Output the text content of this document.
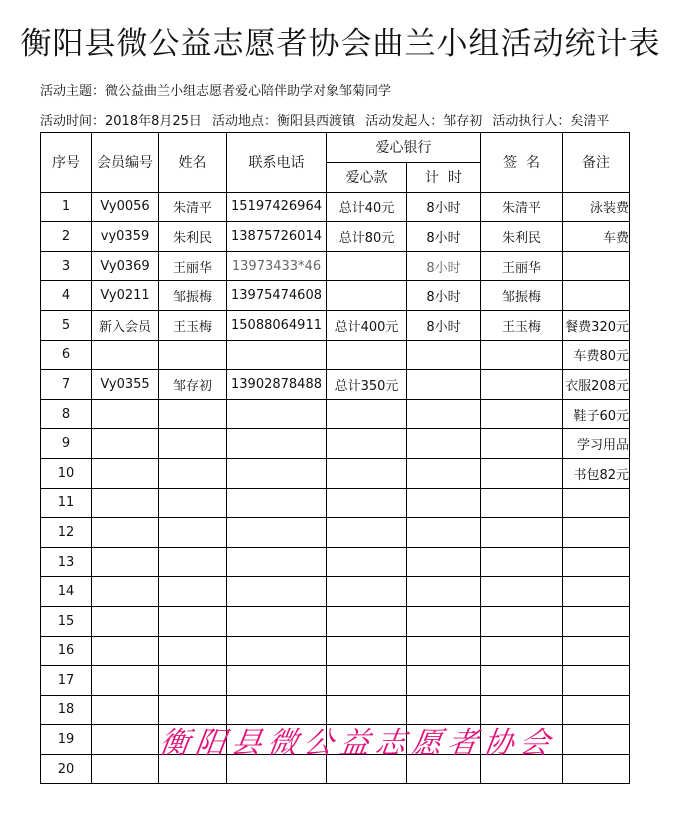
衡阳县微公益志愿者协会曲兰小组活动统计表
活动主题：微公益曲兰小组志愿者爱心陪伴助学对象邹菊同学
活动时间：2018年8月25日 活动地点：衡阳县西渡镇 活动发起人：邹存初 活动执行人：矣清平
序号	会员编号	姓名	联系电话	爱心银行		签  名	备注
				爱心款	计  时		
1	Vy0056	朱清平	15197426964	总计40元	8小时	朱清平	泳装费
2	vy0359	朱利民	13875726014	总计80元	8小时	朱利民	车费
3	Vy0369	王丽华	13973433*46		8小时	王丽华	
4	Vy0211	邹振梅	13975474608		8小时	邹振梅	
5	新入会员	王玉梅	15088064911	总计400元	8小时	王玉梅	餐费320元
6							车费80元
7	Vy0355	邹存初	13902878488	总计350元			衣服208元
8							鞋子60元
9							学习用品
10							书包82元
11							
12							
13							
14							
15							
16							
17							
18							
19							
20							
衡阳县微公益志愿者协会
